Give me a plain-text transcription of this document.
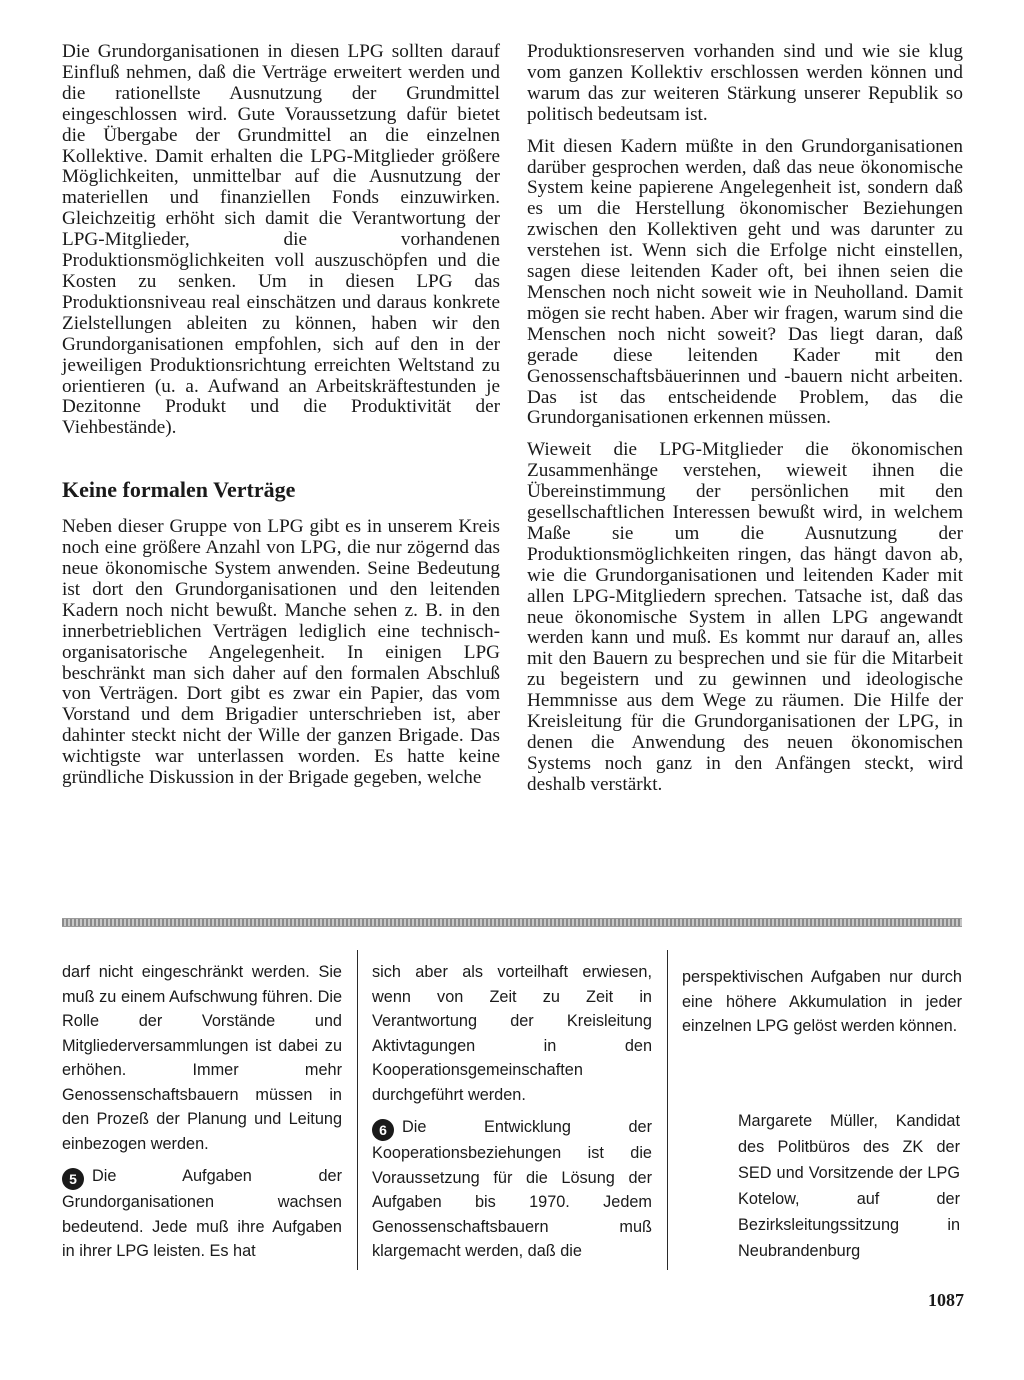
Die Grundorganisationen in diesen LPG sollten darauf Einfluß nehmen, daß die Verträge erweitert werden und die rationellste Ausnutzung der Grundmittel eingeschlossen wird. Gute Voraussetzung dafür bietet die Übergabe der Grundmittel an die einzelnen Kollektive. Damit erhalten die LPG-Mitglieder größere Möglichkeiten, unmittelbar auf die Ausnutzung der materiellen und finanziellen Fonds einzuwirken. Gleichzeitig erhöht sich damit die Verantwortung der LPG-Mitglieder, die vorhandenen Produktionsmöglichkeiten voll auszuschöpfen und die Kosten zu senken. Um in diesen LPG das Produktionsniveau real einschätzen und daraus konkrete Zielstellungen ableiten zu können, haben wir den Grundorganisationen empfohlen, sich auf den in der jeweiligen Produktionsrichtung erreichten Weltstand zu orientieren (u. a. Aufwand an Arbeitskräftestunden je Dezitonne Produkt und die Produktivität der Viehbestände).

Keine formalen Verträge

Neben dieser Gruppe von LPG gibt es in unserem Kreis noch eine größere Anzahl von LPG, die nur zögernd das neue ökonomische System anwenden. Seine Bedeutung ist dort den Grundorganisationen und den leitenden Kadern noch nicht bewußt. Manche sehen z. B. in den innerbetrieblichen Verträgen lediglich eine technisch-organisatorische Angelegenheit. In einigen LPG beschränkt man sich daher auf den formalen Abschluß von Verträgen. Dort gibt es zwar ein Papier, das vom Vorstand und dem Brigadier unterschrieben ist, aber dahinter steckt nicht der Wille der ganzen Brigade. Das wichtigste war unterlassen worden. Es hatte keine gründliche Diskussion in der Brigade gegeben, welche

Produktionsreserven vorhanden sind und wie sie klug vom ganzen Kollektiv erschlossen werden können und warum das zur weiteren Stärkung unserer Republik so politisch bedeutsam ist.

Mit diesen Kadern müßte in den Grundorganisationen darüber gesprochen werden, daß das neue ökonomische System keine papierene Angelegenheit ist, sondern daß es um die Herstellung ökonomischer Beziehungen zwischen den Kollektiven geht und was darunter zu verstehen ist. Wenn sich die Erfolge nicht einstellen, sagen diese leitenden Kader oft, bei ihnen seien die Menschen noch nicht soweit wie in Neuholland. Damit mögen sie recht haben. Aber wir fragen, warum sind die Menschen noch nicht soweit? Das liegt daran, daß gerade diese leitenden Kader mit den Genossenschaftsbäuerinnen und -bauern nicht arbeiten. Das ist das entscheidende Problem, das die Grundorganisationen erkennen müssen.

Wieweit die LPG-Mitglieder die ökonomischen Zusammenhänge verstehen, wieweit ihnen die Übereinstimmung der persönlichen mit den gesellschaftlichen Interessen bewußt wird, in welchem Maße sie um die Ausnutzung der Produktionsmöglichkeiten ringen, das hängt davon ab, wie die Grundorganisationen und leitenden Kader mit allen LPG-Mitgliedern sprechen. Tatsache ist, daß das neue ökonomische System in allen LPG angewandt werden kann und muß. Es kommt nur darauf an, alles mit den Bauern zu besprechen und sie für die Mitarbeit zu begeistern und zu gewinnen und ideologische Hemmnisse aus dem Wege zu räumen. Die Hilfe der Kreisleitung für die Grundorganisationen der LPG, in denen die Anwendung des neuen ökonomischen Systems noch ganz in den Anfängen steckt, wird deshalb verstärkt.

darf nicht eingeschränkt werden. Sie muß zu einem Aufschwung führen. Die Rolle der Vorstände und Mitgliederversammlungen ist dabei zu erhöhen. Immer mehr Genossenschaftsbauern müssen in den Prozeß der Planung und Leitung einbezogen werden.

5 Die Aufgaben der Grundorganisationen wachsen bedeutend. Jede muß ihre Aufgaben in ihrer LPG leisten. Es hat

sich aber als vorteilhaft erwiesen, wenn von Zeit zu Zeit in Verantwortung der Kreisleitung Aktivtagungen in den Kooperationsgemeinschaften durchgeführt werden.

6 Die Entwicklung der Kooperationsbeziehungen ist die Voraussetzung für die Lösung der Aufgaben bis 1970. Jedem Genossenschaftsbauern muß klargemacht werden, daß die

perspektivischen Aufgaben nur durch eine höhere Akkumulation in jeder einzelnen LPG gelöst werden können.

Margarete Müller, Kandidat des Politbüros des ZK der SED und Vorsitzende der LPG Kotelow, auf der Bezirksleitungssitzung in Neubrandenburg
1087
